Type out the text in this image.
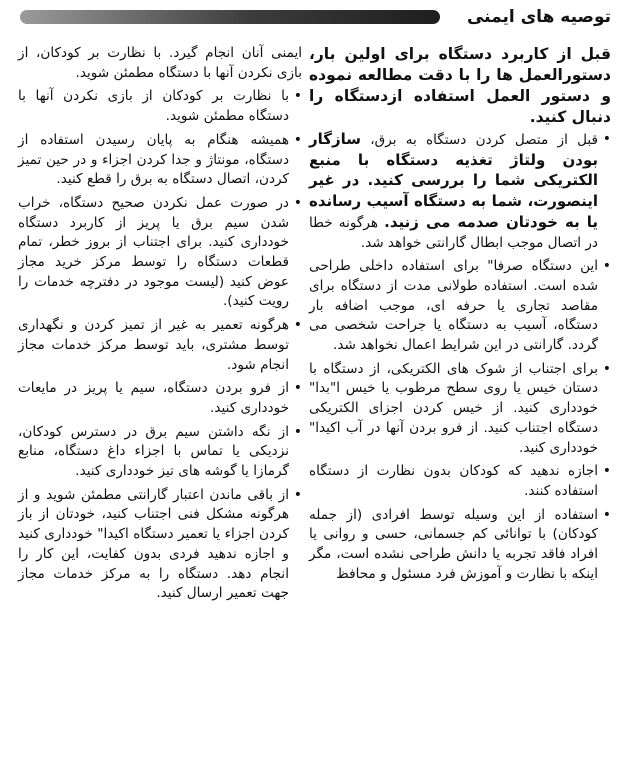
توصیه های ایمنی

قبل از کاربرد دستگاه برای اولین بار، دستورالعمل ها را با دقت مطالعه نموده و دستور العمل استفاده ازدستگاه را دنبال کنید.

• قبل از متصل کردن دستگاه به برق، سازگار بودن ولتاژ تغذیه دستگاه با منبع الکتریکی شما را بررسی کنید. در غیر اینصورت، شما به دستگاه آسیب رسانده یا به خودتان صدمه می زنید. هرگونه خطا در اتصال موجب ابطال گارانتی خواهد شد.
• این دستگاه صرفا" برای استفاده داخلی طراحی شده است. استفاده طولانی مدت از دستگاه برای مقاصد تجاری یا حرفه ای، موجب اضافه بار دستگاه، آسیب به دستگاه یا جراحت شخصی می گردد. گارانتی در این شرایط اعمال نخواهد شد.
• برای اجتناب از شوک های الکتریکی، از دستگاه با دستان خیس یا روی سطح مرطوب یا خیس ا"بدا" خودداری کنید. از خیس کردن اجزای الکتریکی دستگاه اجتناب کنید. از فرو بردن آنها در آب اکیدا" خودداری کنید.
• اجازه ندهید که کودکان بدون نظارت از دستگاه استفاده کنند.
• استفاده از این وسیله توسط افرادی (از جمله کودکان) با توانائی کم جسمانی، حسی و روانی یا افراد فاقد تجربه یا دانش طراحی نشده است، مگر اینکه با نظارت و آموزش فرد مسئول و محافظ

ایمنی آنان انجام گیرد. با نظارت بر کودکان، از بازی نکردن آنها با دستگاه مطمئن شوید.

• با نظارت بر کودکان از بازی نکردن آنها با دستگاه مطمئن شوید.
• همیشه هنگام به پایان رسیدن استفاده از دستگاه، مونتاژ و جدا کردن اجزاء و در حین تمیز کردن، اتصال دستگاه به برق را قطع کنید.
• در صورت عمل نکردن صحیح دستگاه، خراب شدن سیم برق یا پریز از کاربرد دستگاه خودداری کنید. برای اجتناب از بروز خطر، تمام قطعات دستگاه را توسط مرکز خرید مجاز عوض کنید (لیست موجود در دفترچه خدمات را رویت کنید).
• هرگونه تعمیر به غیر از تمیز کردن و نگهداری توسط مشتری، باید توسط مرکز خدمات مجاز انجام شود.
• از فرو بردن دستگاه، سیم یا پریز در مایعات خودداری کنید.
• از نگه داشتن سیم برق در دسترس کودکان، نزدیکی یا تماس با اجزاء داغ دستگاه، منابع گرمازا یا گوشه های تیز خودداری کنید.
• از باقی ماندن اعتبار گارانتی مطمئن شوید و از هرگونه مشکل فنی اجتناب کنید، خودتان از باز کردن اجزاء یا تعمیر دستگاه اکیدا" خودداری کنید و اجازه ندهید فردی بدون کفایت، این کار را انجام دهد. دستگاه را به مرکز خدمات مجاز جهت تعمیر ارسال کنید.
